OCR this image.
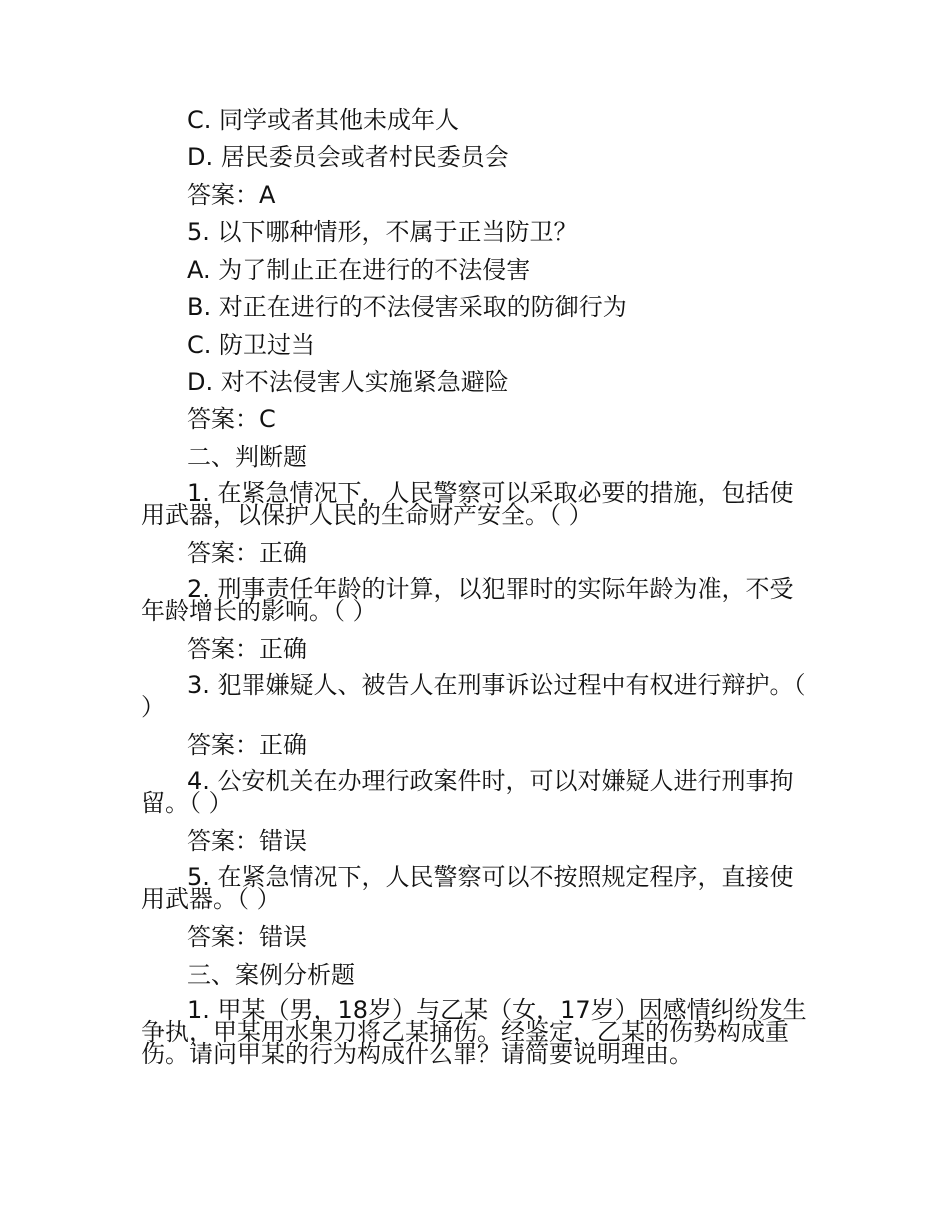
C. 同学或者其他未成年人
D. 居民委员会或者村民委员会
答案：A
5. 以下哪种情形，不属于正当防卫？
A. 为了制止正在进行的不法侵害
B. 对正在进行的不法侵害采取的防御行为
C. 防卫过当
D. 对不法侵害人实施紧急避险
答案：C
二、判断题
1. 在紧急情况下，人民警察可以采取必要的措施，包括使用武器，以保护人民的生命财产安全。（ ）
答案：正确
2. 刑事责任年龄的计算，以犯罪时的实际年龄为准，不受年龄增长的影响。（ ）
答案：正确
3. 犯罪嫌疑人、被告人在刑事诉讼过程中有权进行辩护。（ ）
答案：正确
4. 公安机关在办理行政案件时，可以对嫌疑人进行刑事拘留。（ ）
答案：错误
5. 在紧急情况下，人民警察可以不按照规定程序，直接使用武器。（ ）
答案：错误
三、案例分析题
1. 甲某（男，18岁）与乙某（女，17岁）因感情纠纷发生争执，甲某用水果刀将乙某捅伤。经鉴定，乙某的伤势构成重伤。请问甲某的行为构成什么罪？请简要说明理由。
